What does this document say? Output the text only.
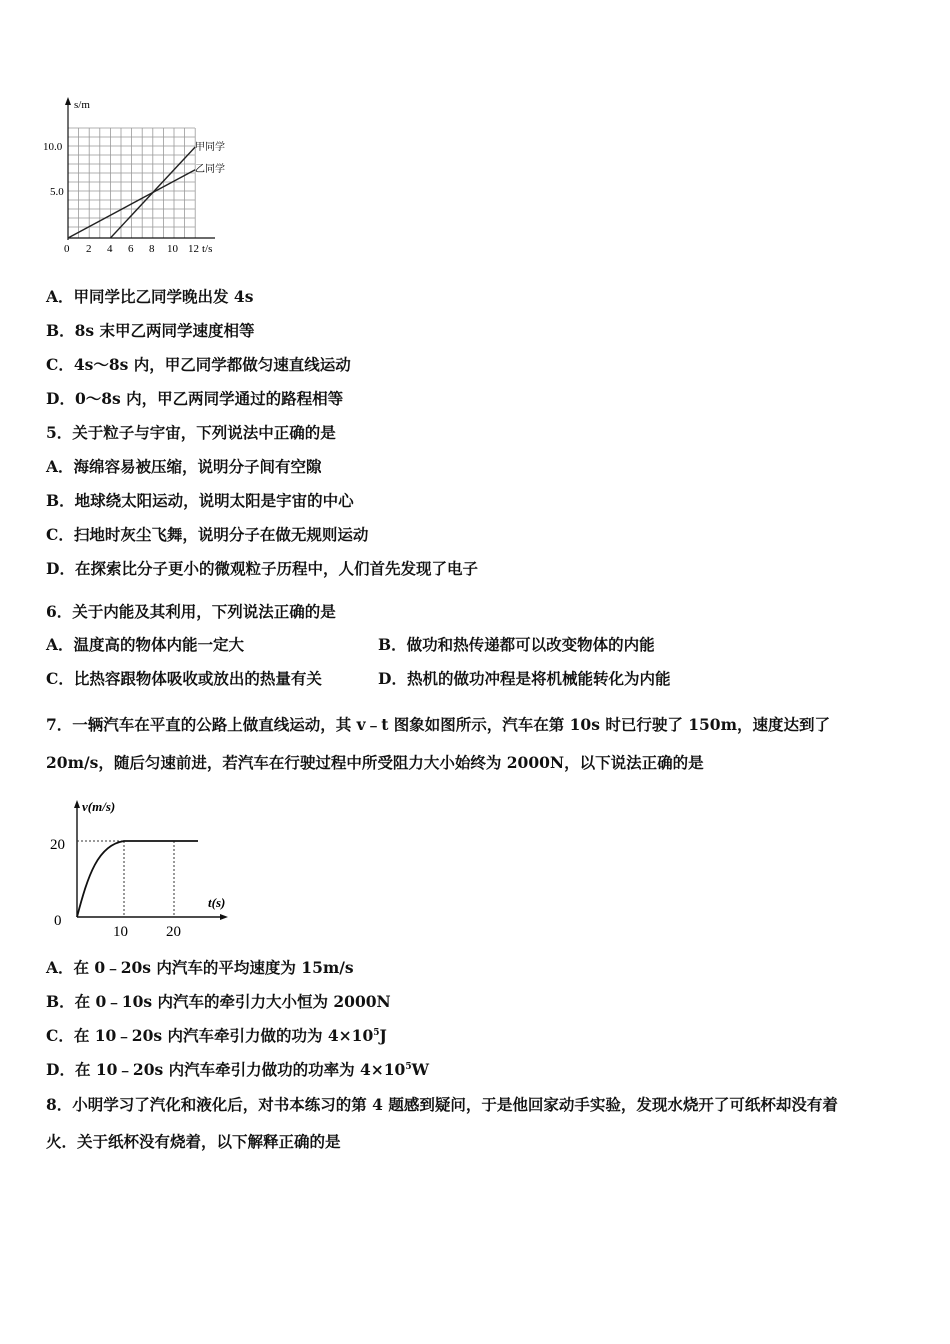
s/m
10.0
5.0
0 2 4 6 8 10 12 t/s
甲同学
乙同学
A．甲同学比乙同学晚出发 4s
B．8s 末甲乙两同学速度相等
C．4s～8s 内，甲乙同学都做匀速直线运动
D．0～8s 内，甲乙两同学通过的路程相等
5．关于粒子与宇宙，下列说法中正确的是
A．海绵容易被压缩，说明分子间有空隙
B．地球绕太阳运动，说明太阳是宇宙的中心
C．扫地时灰尘飞舞，说明分子在做无规则运动
D．在探索比分子更小的微观粒子历程中，人们首先发现了电子
6．关于内能及其利用，下列说法正确的是
A．温度高的物体内能一定大	B．做功和热传递都可以改变物体的内能
C．比热容跟物体吸收或放出的热量有关	D．热机的做功冲程是将机械能转化为内能
7．一辆汽车在平直的公路上做直线运动，其 v﹣t 图象如图所示，汽车在第 10s 时已行驶了 150m，速度达到了
20m/s，随后匀速前进，若汽车在行驶过程中所受阻力大小始终为 2000N，以下说法正确的是
v(m/s)
t(s)
20
0
10	20
A．在 0﹣20s 内汽车的平均速度为 15m/s
B．在 0﹣10s 内汽车的牵引力大小恒为 2000N
C．在 10﹣20s 内汽车牵引力做的功为 $4\times 10^5J$
D．在 10﹣20s 内汽车牵引力做功的功率为 $4\times 10^5W$
8．小明学习了汽化和液化后，对书本练习的第 4 题感到疑问，于是他回家动手实验，发现水烧开了可纸杯却没有着
火．关于纸杯没有烧着，以下解释正确的是
